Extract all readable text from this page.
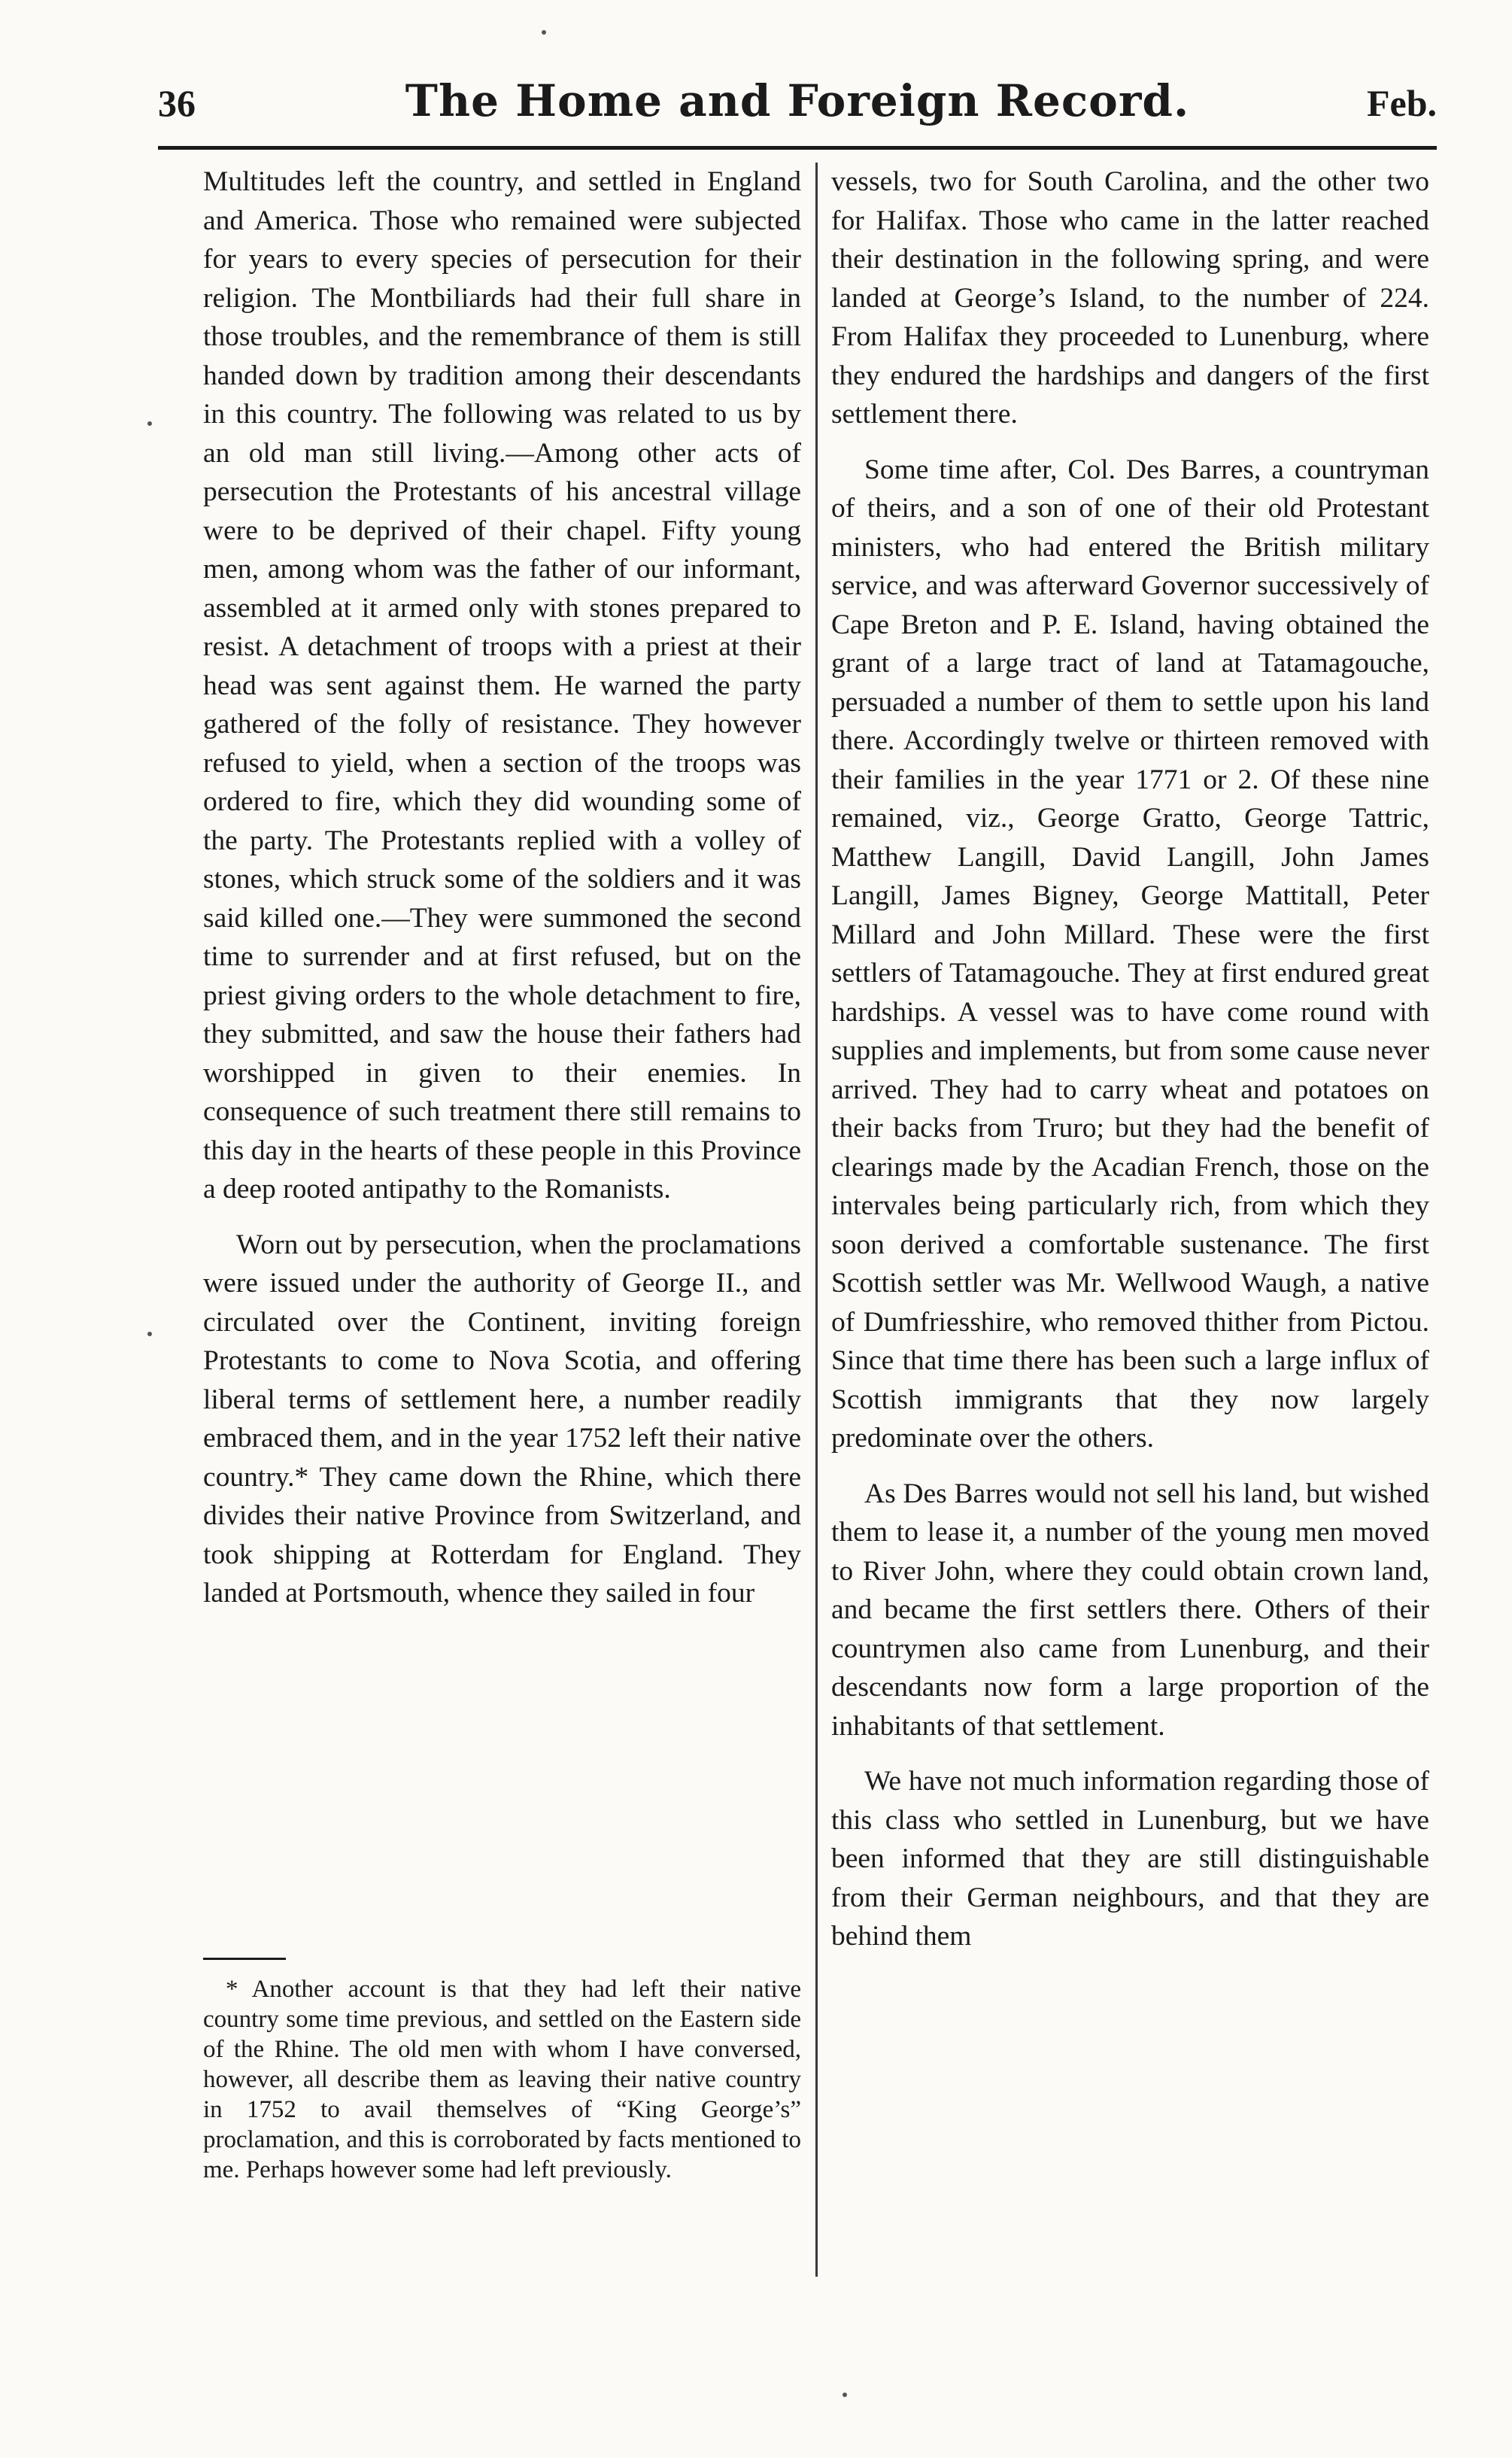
36	The Home and Foreign Record.	Feb.

Multitudes left the country, and settled in England and America. Those who remained were subjected for years to every species of persecution for their religion. The Montbiliards had their full share in those troubles, and the remembrance of them is still handed down by tradition among their descendants in this country. The following was related to us by an old man still living.—Among other acts of persecution the Protestants of his ancestral village were to be deprived of their chapel. Fifty young men, among whom was the father of our informant, assembled at it armed only with stones prepared to resist. A detachment of troops with a priest at their head was sent against them. He warned the party gathered of the folly of resistance. They however refused to yield, when a section of the troops was ordered to fire, which they did wounding some of the party. The Protestants replied with a volley of stones, which struck some of the soldiers and it was said killed one.—They were summoned the second time to surrender and at first refused, but on the priest giving orders to the whole detachment to fire, they submitted, and saw the house their fathers had worshipped in given to their enemies. In consequence of such treatment there still remains to this day in the hearts of these people in this Province a deep rooted antipathy to the Romanists.

Worn out by persecution, when the proclamations were issued under the authority of George II., and circulated over the Continent, inviting foreign Protestants to come to Nova Scotia, and offering liberal terms of settlement here, a number readily embraced them, and in the year 1752 left their native country.* They came down the Rhine, which there divides their native Province from Switzerland, and took shipping at Rotterdam for England. They landed at Portsmouth, whence they sailed in four

vessels, two for South Carolina, and the other two for Halifax. Those who came in the latter reached their destination in the following spring, and were landed at George’s Island, to the number of 224. From Halifax they proceeded to Lunenburg, where they endured the hardships and dangers of the first settlement there.

Some time after, Col. Des Barres, a countryman of theirs, and a son of one of their old Protestant ministers, who had entered the British military service, and was afterward Governor successively of Cape Breton and P. E. Island, having obtained the grant of a large tract of land at Tatamagouche, persuaded a number of them to settle upon his land there. Accordingly twelve or thirteen removed with their families in the year 1771 or 2. Of these nine remained, viz., George Gratto, George Tattric, Matthew Langill, David Langill, John James Langill, James Bigney, George Mattitall, Peter Millard and John Millard. These were the first settlers of Tatamagouche. They at first endured great hardships. A vessel was to have come round with supplies and implements, but from some cause never arrived. They had to carry wheat and potatoes on their backs from Truro; but they had the benefit of clearings made by the Acadian French, those on the intervales being particularly rich, from which they soon derived a comfortable sustenance. The first Scottish settler was Mr. Wellwood Waugh, a native of Dumfriesshire, who removed thither from Pictou. Since that time there has been such a large influx of Scottish immigrants that they now largely predominate over the others.

As Des Barres would not sell his land, but wished them to lease it, a number of the young men moved to River John, where they could obtain crown land, and became the first settlers there. Others of their countrymen also came from Lunenburg, and their descendants now form a large proportion of the inhabitants of that settlement.

We have not much information regarding those of this class who settled in Lunenburg, but we have been informed that they are still distinguishable from their German neighbours, and that they are behind them

* Another account is that they had left their native country some time previous, and settled on the Eastern side of the Rhine. The old men with whom I have conversed, however, all describe them as leaving their native country in 1752 to avail themselves of “King George’s” proclamation, and this is corroborated by facts mentioned to me. Perhaps however some had left previously.
